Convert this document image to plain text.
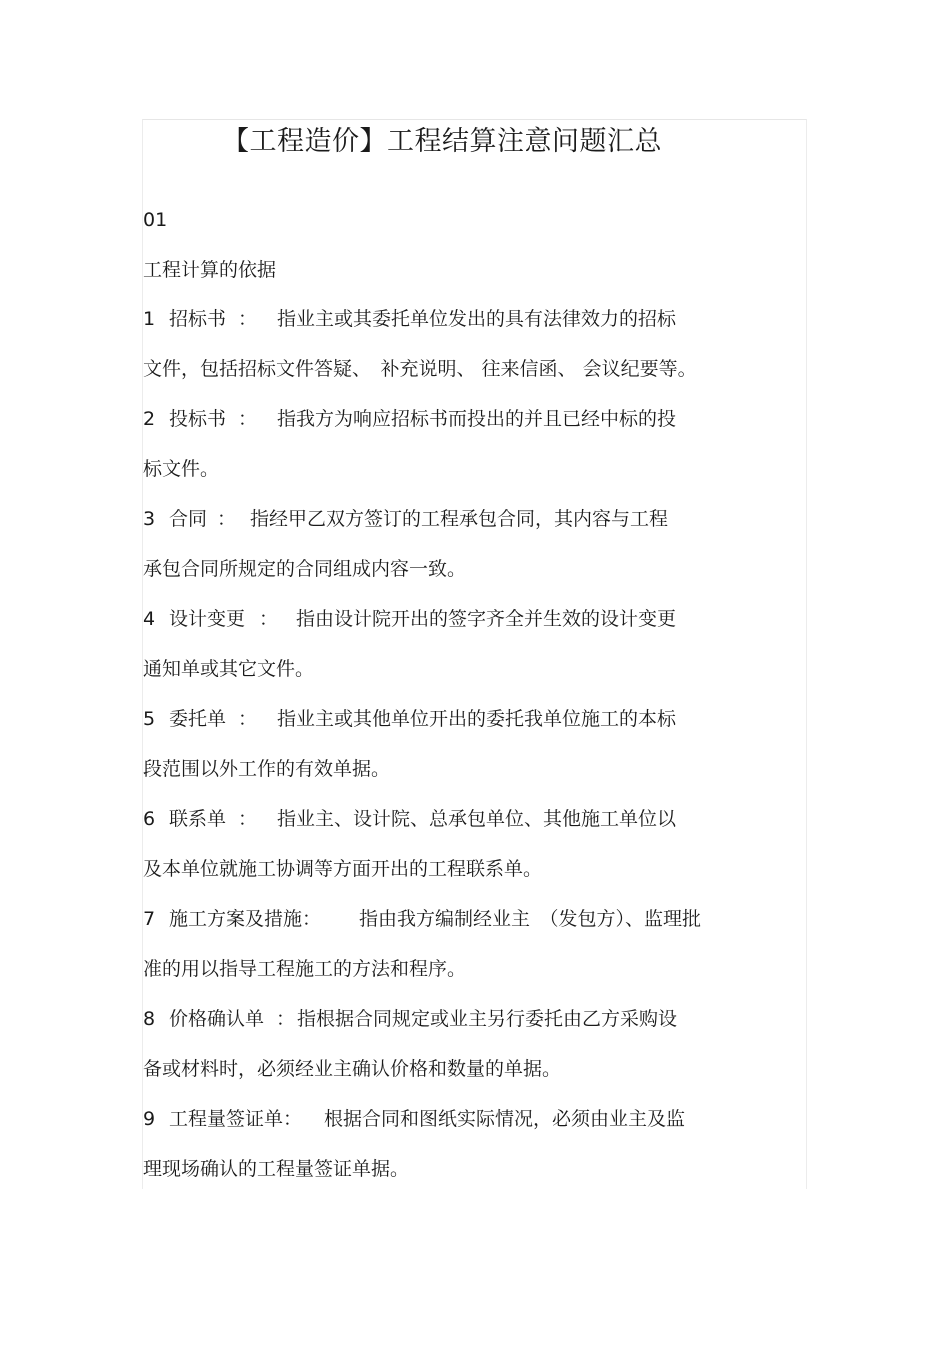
【工程造价】工程结算注意问题汇总
01
工程计算的依据
1 招标书 ： 指业主或其委托单位发出的具有法律效力的招标
文件，包括招标文件答疑、　补充说明、 往来信函、 会议纪要等。
2 投标书 ： 指我方为响应招标书而投出的并且已经中标的投
标文件。
3 合同 ： 指经甲乙双方签订的工程承包合同，其内容与工程
承包合同所规定的合同组成内容一致。
4 设计变更 ： 指由设计院开出的签字齐全并生效的设计变更
通知单或其它文件。
5 委托单 ： 指业主或其他单位开出的委托我单位施工的本标
段范围以外工作的有效单据。
6 联系单 ： 指业主、设计院、总承包单位、其他施工单位以
及本单位就施工协调等方面开出的工程联系单。
7 施工方案及措施： 指由我方编制经业主　（发包方）、监理批
准的用以指导工程施工的方法和程序。
8 价格确认单 ： 指根据合同规定或业主另行委托由乙方采购设
备或材料时，必须经业主确认价格和数量的单据。
9 工程量签证单： 根据合同和图纸实际情况，必须由业主及监
理现场确认的工程量签证单据。
